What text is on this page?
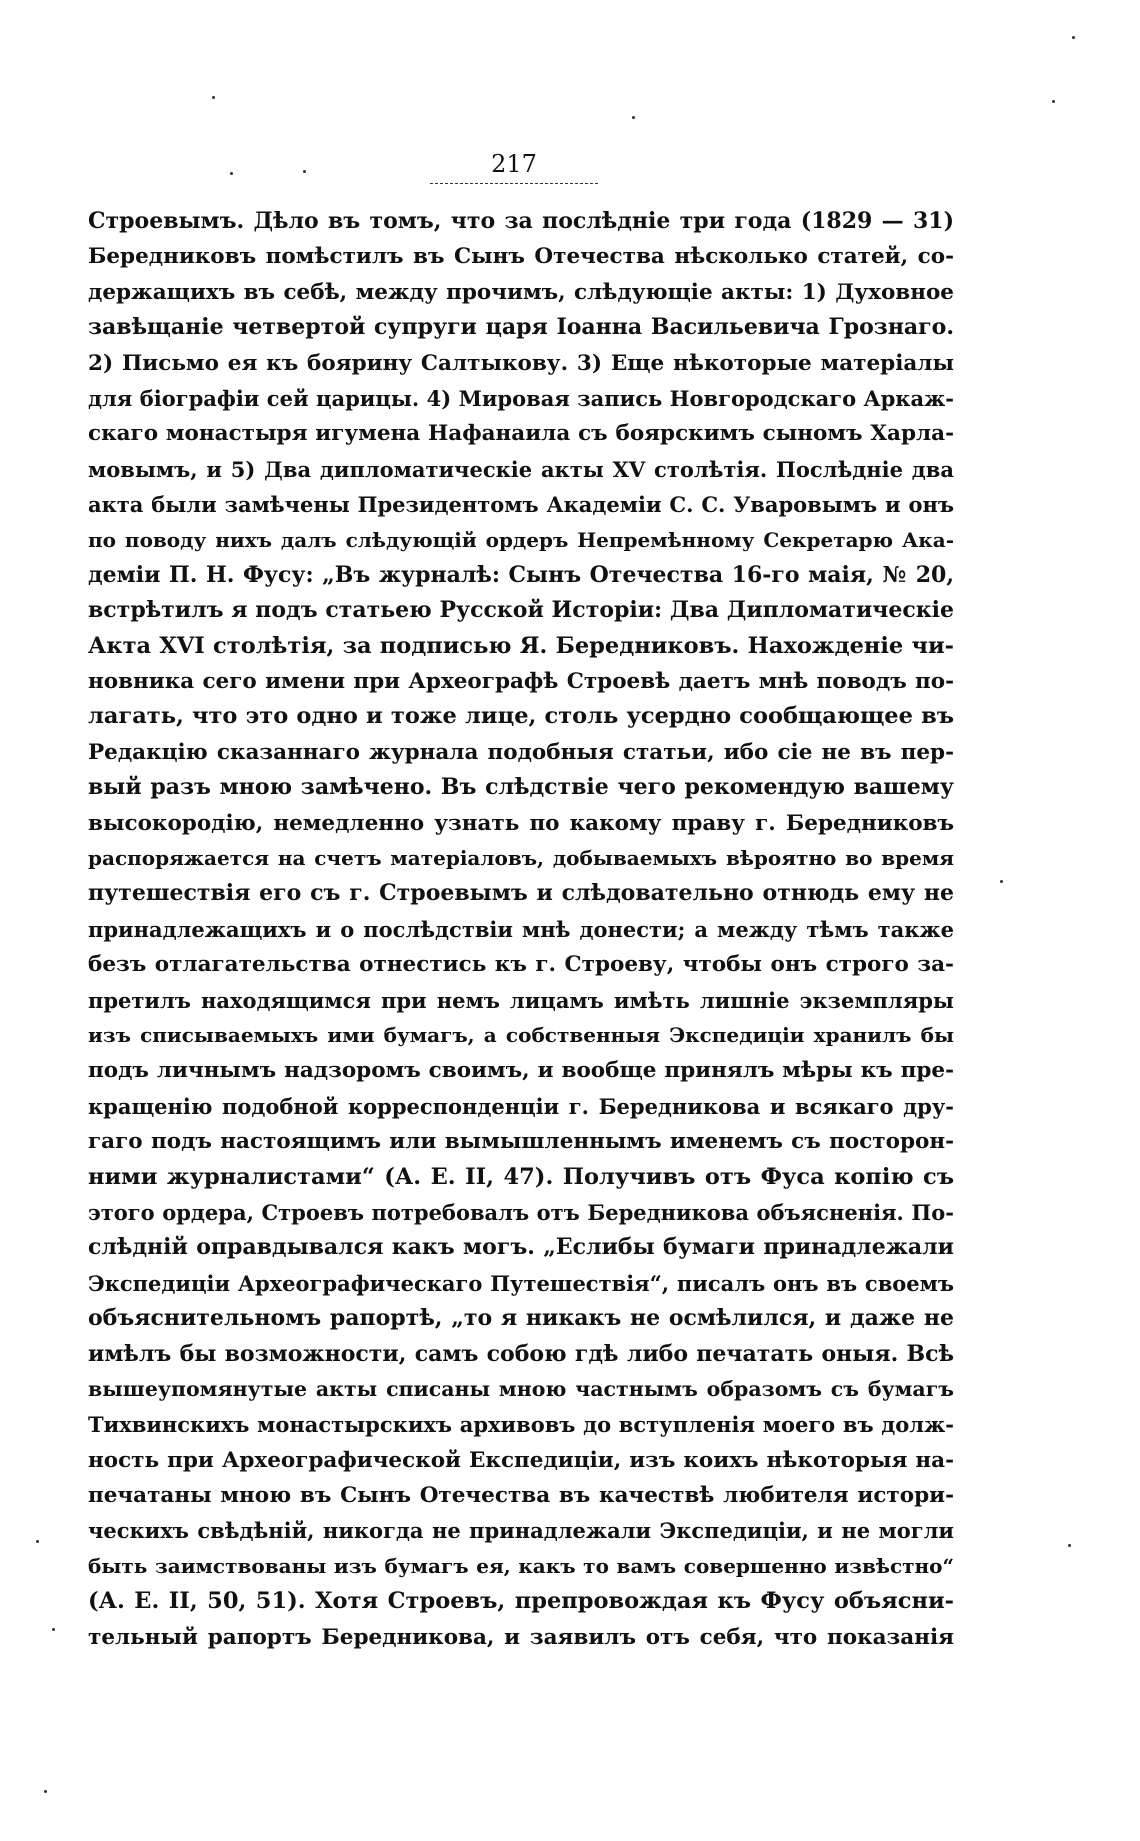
217
Строевымъ. Дѣло въ томъ, что за послѣдніе три года (1829 — 31)
Бередниковъ помѣстилъ въ Сынъ Отечества нѣсколько статей, со-
держащихъ въ себѣ, между прочимъ, слѣдующіе акты: 1) Духовное
завѣщаніе четвертой супруги царя Іоанна Васильевича Грознаго.
2) Письмо ея къ боярину Салтыкову. 3) Еще нѣкоторые матеріалы
для біографіи сей царицы. 4) Мировая запись Новгородскаго Аркаж-
скаго монастыря игумена Нафанаила съ боярскимъ сыномъ Харла-
мовымъ, и 5) Два дипломатическіе акты XV столѣтія. Послѣдніе два
акта были замѣчены Президентомъ Академіи С. С. Уваровымъ и онъ
по поводу нихъ далъ слѣдующій ордеръ Непремѣнному Секретарю Ака-
деміи П. Н. Фусу: „Въ журналѣ: Сынъ Отечества 16-го маія, № 20,
встрѣтилъ я подъ статьею Русской Исторіи: Два Дипломатическіе
Акта XVI столѣтія, за подписью Я. Бередниковъ. Нахожденіе чи-
новника сего имени при Археографѣ Строевѣ даетъ мнѣ поводъ по-
лагать, что это одно и тоже лице, столь усердно сообщающее въ
Редакцію сказаннаго журнала подобныя статьи, ибо сіе не въ пер-
вый разъ мною замѣчено. Въ слѣдствіе чего рекомендую вашему
высокородію, немедленно узнать по какому праву г. Бередниковъ
распоряжается на счетъ матеріаловъ, добываемыхъ вѣроятно во время
путешествія его съ г. Строевымъ и слѣдовательно отнюдь ему не
принадлежащихъ и о послѣдствіи мнѣ донести; а между тѣмъ также
безъ отлагательства отнестись къ г. Строеву, чтобы онъ строго за-
претилъ находящимся при немъ лицамъ имѣть лишніе экземпляры
изъ списываемыхъ ими бумагъ, а собственныя Экспедиціи хранилъ бы
подъ личнымъ надзоромъ своимъ, и вообще принялъ мѣры къ пре-
кращенію подобной корреспонденціи г. Бередникова и всякаго дру-
гаго подъ настоящимъ или вымышленнымъ именемъ съ посторон-
ними журналистами“ (А. Е. II, 47). Получивъ отъ Фуса копію съ
этого ордера, Строевъ потребовалъ отъ Бередникова объясненія. По-
слѣдній оправдывался какъ могъ. „Еслибы бумаги принадлежали
Экспедиціи Археографическаго Путешествія“, писалъ онъ въ своемъ
объяснительномъ рапортѣ, „то я никакъ не осмѣлился, и даже не
имѣлъ бы возможности, самъ собою гдѣ либо печатать оныя. Всѣ
вышеупомянутые акты списаны мною частнымъ образомъ съ бумагъ
Тихвинскихъ монастырскихъ архивовъ до вступленія моего въ долж-
ность при Археографической Експедиціи, изъ коихъ нѣкоторыя на-
печатаны мною въ Сынъ Отечества въ качествѣ любителя истори-
ческихъ свѣдѣній, никогда не принадлежали Экспедиціи, и не могли
быть заимствованы изъ бумагъ ея, какъ то вамъ совершенно извѣстно“
(А. Е. II, 50, 51). Хотя Строевъ, препровождая къ Фусу объясни-
тельный рапортъ Бередникова, и заявилъ отъ себя, что показанія
